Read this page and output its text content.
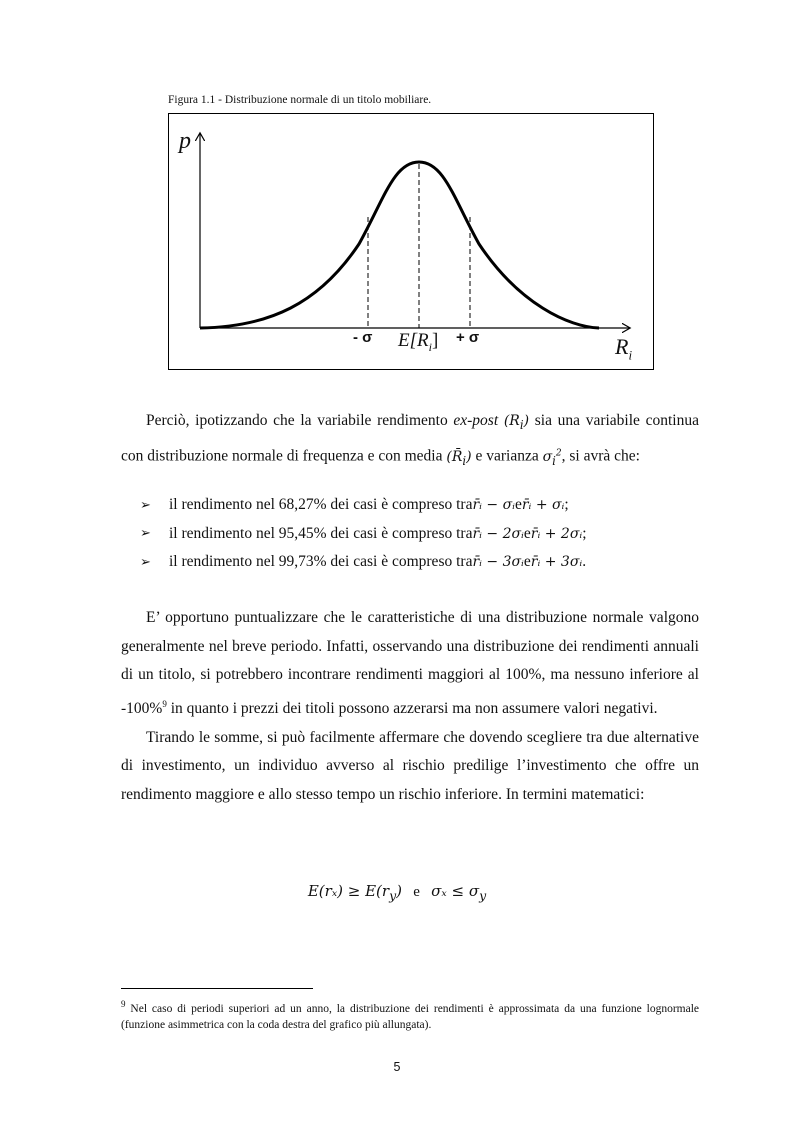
Figura 1.1 - Distribuzione normale di un titolo mobiliare.
p
$R_i$
- σ $E[R_i] + \sigma$

Perciò, ipotizzando che la variabile rendimento ex-post $(R_i)$ sia una variabile continua con distribuzione normale di frequenza e con media $(R̄_i)$ e varianza $\sigma_i^2$, si avrà che:

➢	il rendimento nel 68,27% dei casi è compreso tra r̄ᵢ − σᵢ e r̄ᵢ + σᵢ ;
➢	il rendimento nel 95,45% dei casi è compreso tra r̄ᵢ − 2σᵢ e r̄ᵢ + 2σᵢ ;
➢	il rendimento nel 99,73% dei casi è compreso tra r̄ᵢ − 3σᵢ e r̄ᵢ + 3σᵢ .

E’ opportuno puntualizzare che le caratteristiche di una distribuzione normale valgono generalmente nel breve periodo. Infatti, osservando una distribuzione dei rendimenti annuali di un titolo, si potrebbero incontrare rendimenti maggiori al 100%, ma nessuno inferiore al -100%$^9$ in quanto i prezzi dei titoli possono azzerarsi ma non assumere valori negativi.

Tirando le somme, si può facilmente affermare che dovendo scegliere tra due alternative di investimento, un individuo avverso al rischio predilige l’investimento che offre un rendimento maggiore e allo stesso tempo un rischio inferiore. In termini matematici:

$E(r_x) \ge E(r_y)$   e   $\sigma_x \le \sigma_y$
$^9$ Nel caso di periodi superiori ad un anno, la distribuzione dei rendimenti è approssimata da una funzione lognormale (funzione asimmetrica con la coda destra del grafico più allungata).
5
